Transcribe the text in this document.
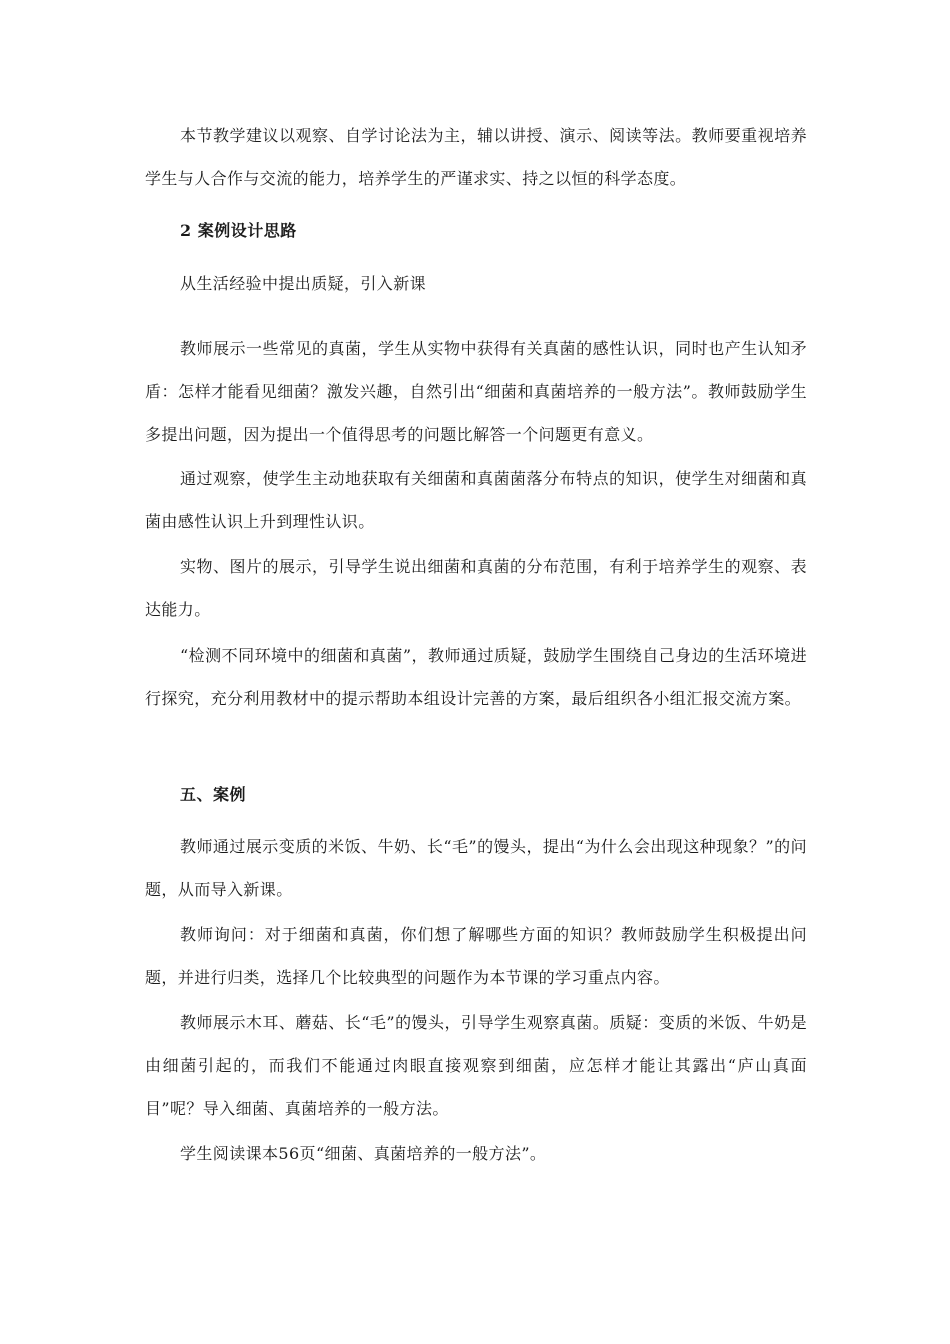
本节教学建议以观察、自学讨论法为主，辅以讲授、演示、阅读等法。教师要重视培养学生与人合作与交流的能力，培养学生的严谨求实、持之以恒的科学态度。

2 案例设计思路

从生活经验中提出质疑，引入新课

教师展示一些常见的真菌，学生从实物中获得有关真菌的感性认识，同时也产生认知矛盾：怎样才能看见细菌？激发兴趣，自然引出“细菌和真菌培养的一般方法”。教师鼓励学生多提出问题，因为提出一个值得思考的问题比解答一个问题更有意义。

通过观察，使学生主动地获取有关细菌和真菌菌落分布特点的知识，使学生对细菌和真菌由感性认识上升到理性认识。

实物、图片的展示，引导学生说出细菌和真菌的分布范围，有利于培养学生的观察、表达能力。

“检测不同环境中的细菌和真菌”，教师通过质疑，鼓励学生围绕自己身边的生活环境进行探究，充分利用教材中的提示帮助本组设计完善的方案，最后组织各小组汇报交流方案。

五、案例

教师通过展示变质的米饭、牛奶、长“毛”的馒头，提出“为什么会出现这种现象？”的问题，从而导入新课。

教师询问：对于细菌和真菌，你们想了解哪些方面的知识？教师鼓励学生积极提出问题，并进行归类，选择几个比较典型的问题作为本节课的学习重点内容。

教师展示木耳、蘑菇、长“毛”的馒头，引导学生观察真菌。质疑：变质的米饭、牛奶是由细菌引起的，而我们不能通过肉眼直接观察到细菌，应怎样才能让其露出“庐山真面目”呢？导入细菌、真菌培养的一般方法。

学生阅读课本56页“细菌、真菌培养的一般方法”。
